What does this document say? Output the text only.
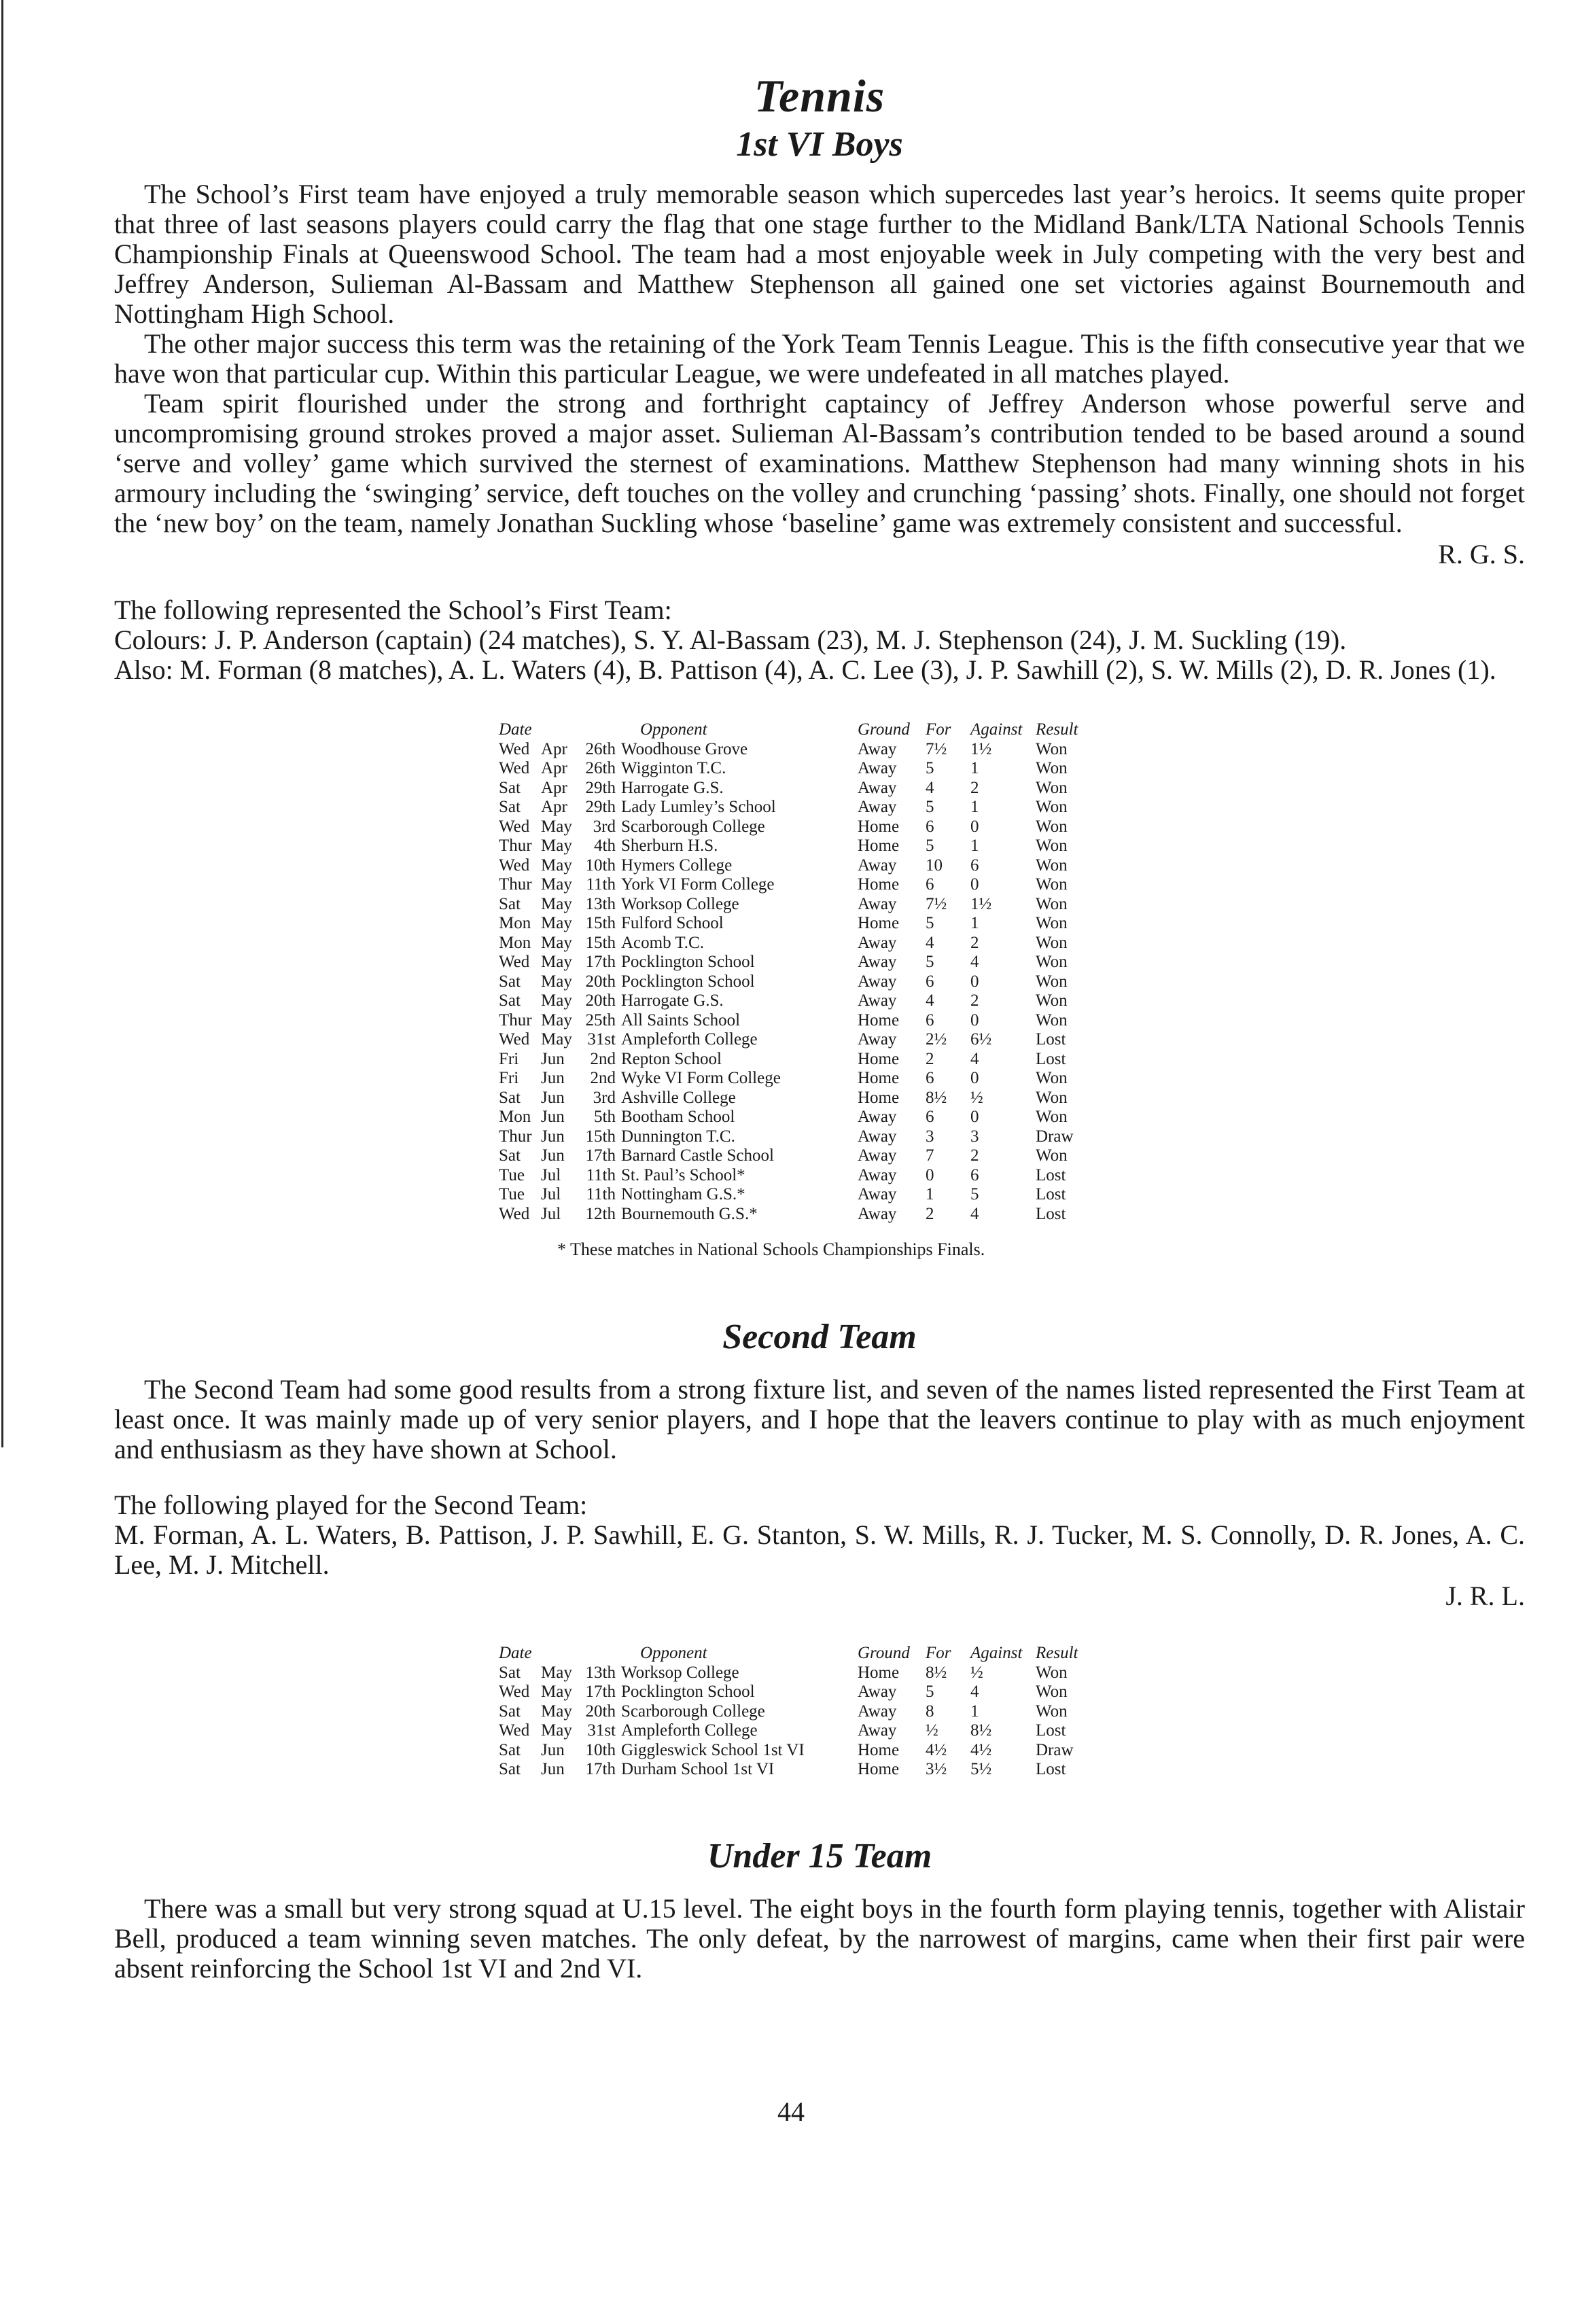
Tennis
1st VI Boys

The School’s First team have enjoyed a truly memorable season which supercedes last year’s heroics. It seems quite proper that three of last seasons players could carry the flag that one stage further to the Midland Bank/LTA National Schools Tennis Championship Finals at Queenswood School. The team had a most enjoyable week in July competing with the very best and Jeffrey Anderson, Sulieman Al-Bassam and Matthew Stephenson all gained one set victories against Bournemouth and Nottingham High School.

The other major success this term was the retaining of the York Team Tennis League. This is the fifth consecutive year that we have won that particular cup. Within this particular League, we were undefeated in all matches played.

Team spirit flourished under the strong and forthright captaincy of Jeffrey Anderson whose powerful serve and uncompromising ground strokes proved a major asset. Sulieman Al-Bassam’s contribution tended to be based around a sound ‘serve and volley’ game which survived the sternest of examinations. Matthew Stephenson had many winning shots in his armoury including the ‘swinging’ service, deft touches on the volley and crunching ‘passing’ shots. Finally, one should not forget the ‘new boy’ on the team, namely Jonathan Suckling whose ‘baseline’ game was extremely consistent and successful.

R. G. S.

The following represented the School’s First Team:

Colours: J. P. Anderson (captain) (24 matches), S. Y. Al-Bassam (23), M. J. Stephenson (24), J. M. Suckling (19).

Also: M. Forman (8 matches), A. L. Waters (4), B. Pattison (4), A. C. Lee (3), J. P. Sawhill (2), S. W. Mills (2), D. R. Jones (1).

Date			Opponent	Ground	For	Against	Result
Wed	Apr	26th	Woodhouse Grove	Away	7½	1½	Won
Wed	Apr	26th	Wigginton T.C.	Away	5	1	Won
Sat	Apr	29th	Harrogate G.S.	Away	4	2	Won
Sat	Apr	29th	Lady Lumley’s School	Away	5	1	Won
Wed	May	3rd	Scarborough College	Home	6	0	Won
Thur	May	4th	Sherburn H.S.	Home	5	1	Won
Wed	May	10th	Hymers College	Away	10	6	Won
Thur	May	11th	York VI Form College	Home	6	0	Won
Sat	May	13th	Worksop College	Away	7½	1½	Won
Mon	May	15th	Fulford School	Home	5	1	Won
Mon	May	15th	Acomb T.C.	Away	4	2	Won
Wed	May	17th	Pocklington School	Away	5	4	Won
Sat	May	20th	Pocklington School	Away	6	0	Won
Sat	May	20th	Harrogate G.S.	Away	4	2	Won
Thur	May	25th	All Saints School	Home	6	0	Won
Wed	May	31st	Ampleforth College	Away	2½	6½	Lost
Fri	Jun	2nd	Repton School	Home	2	4	Lost
Fri	Jun	2nd	Wyke VI Form College	Home	6	0	Won
Sat	Jun	3rd	Ashville College	Home	8½	½	Won
Mon	Jun	5th	Bootham School	Away	6	0	Won
Thur	Jun	15th	Dunnington T.C.	Away	3	3	Draw
Sat	Jun	17th	Barnard Castle School	Away	7	2	Won
Tue	Jul	11th	St. Paul’s School*	Away	0	6	Lost
Tue	Jul	11th	Nottingham G.S.*	Away	1	5	Lost
Wed	Jul	12th	Bournemouth G.S.*	Away	2	4	Lost

* These matches in National Schools Championships Finals.

Second Team

The Second Team had some good results from a strong fixture list, and seven of the names listed represented the First Team at least once. It was mainly made up of very senior players, and I hope that the leavers continue to play with as much enjoyment and enthusiasm as they have shown at School.

The following played for the Second Team:

M. Forman, A. L. Waters, B. Pattison, J. P. Sawhill, E. G. Stanton, S. W. Mills, R. J. Tucker, M. S. Connolly, D. R. Jones, A. C. Lee, M. J. Mitchell.

J. R. L.

Date			Opponent	Ground	For	Against	Result
Sat	May	13th	Worksop College	Home	8½	½	Won
Wed	May	17th	Pocklington School	Away	5	4	Won
Sat	May	20th	Scarborough College	Away	8	1	Won
Wed	May	31st	Ampleforth College	Away	½	8½	Lost
Sat	Jun	10th	Giggleswick School 1st VI	Home	4½	4½	Draw
Sat	Jun	17th	Durham School 1st VI	Home	3½	5½	Lost
Under 15 Team

There was a small but very strong squad at U.15 level. The eight boys in the fourth form playing tennis, together with Alistair Bell, produced a team winning seven matches. The only defeat, by the narrowest of margins, came when their first pair were absent reinforcing the School 1st VI and 2nd VI.

44
